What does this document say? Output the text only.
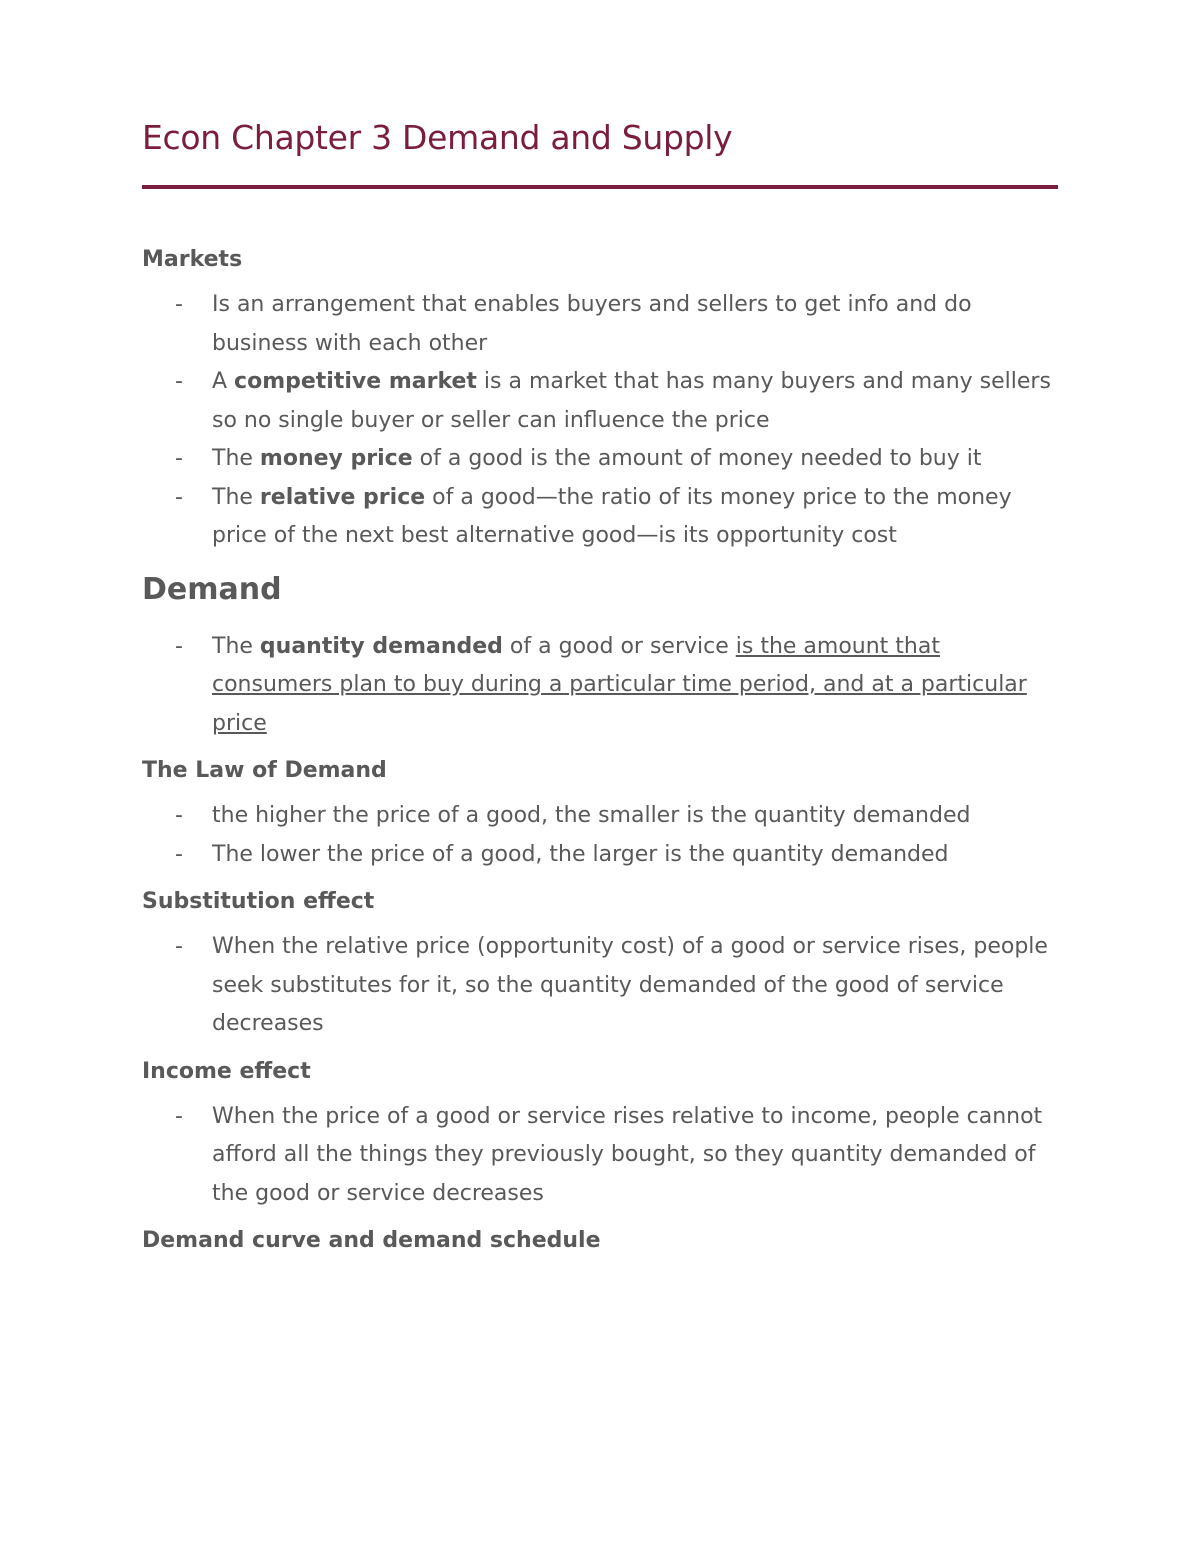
Econ Chapter 3 Demand and Supply
Markets
- Is an arrangement that enables buyers and sellers to get info and do business with each other
- A competitive market is a market that has many buyers and many sellers so no single buyer or seller can influence the price
- The money price of a good is the amount of money needed to buy it
- The relative price of a good—the ratio of its money price to the money price of the next best alternative good—is its opportunity cost
Demand
- The quantity demanded of a good or service is the amount that consumers plan to buy during a particular time period, and at a particular price
The Law of Demand
- the higher the price of a good, the smaller is the quantity demanded
- The lower the price of a good, the larger is the quantity demanded
Substitution effect
- When the relative price (opportunity cost) of a good or service rises, people seek substitutes for it, so the quantity demanded of the good of service decreases
Income effect
- When the price of a good or service rises relative to income, people cannot afford all the things they previously bought, so they quantity demanded of the good or service decreases
Demand curve and demand schedule
